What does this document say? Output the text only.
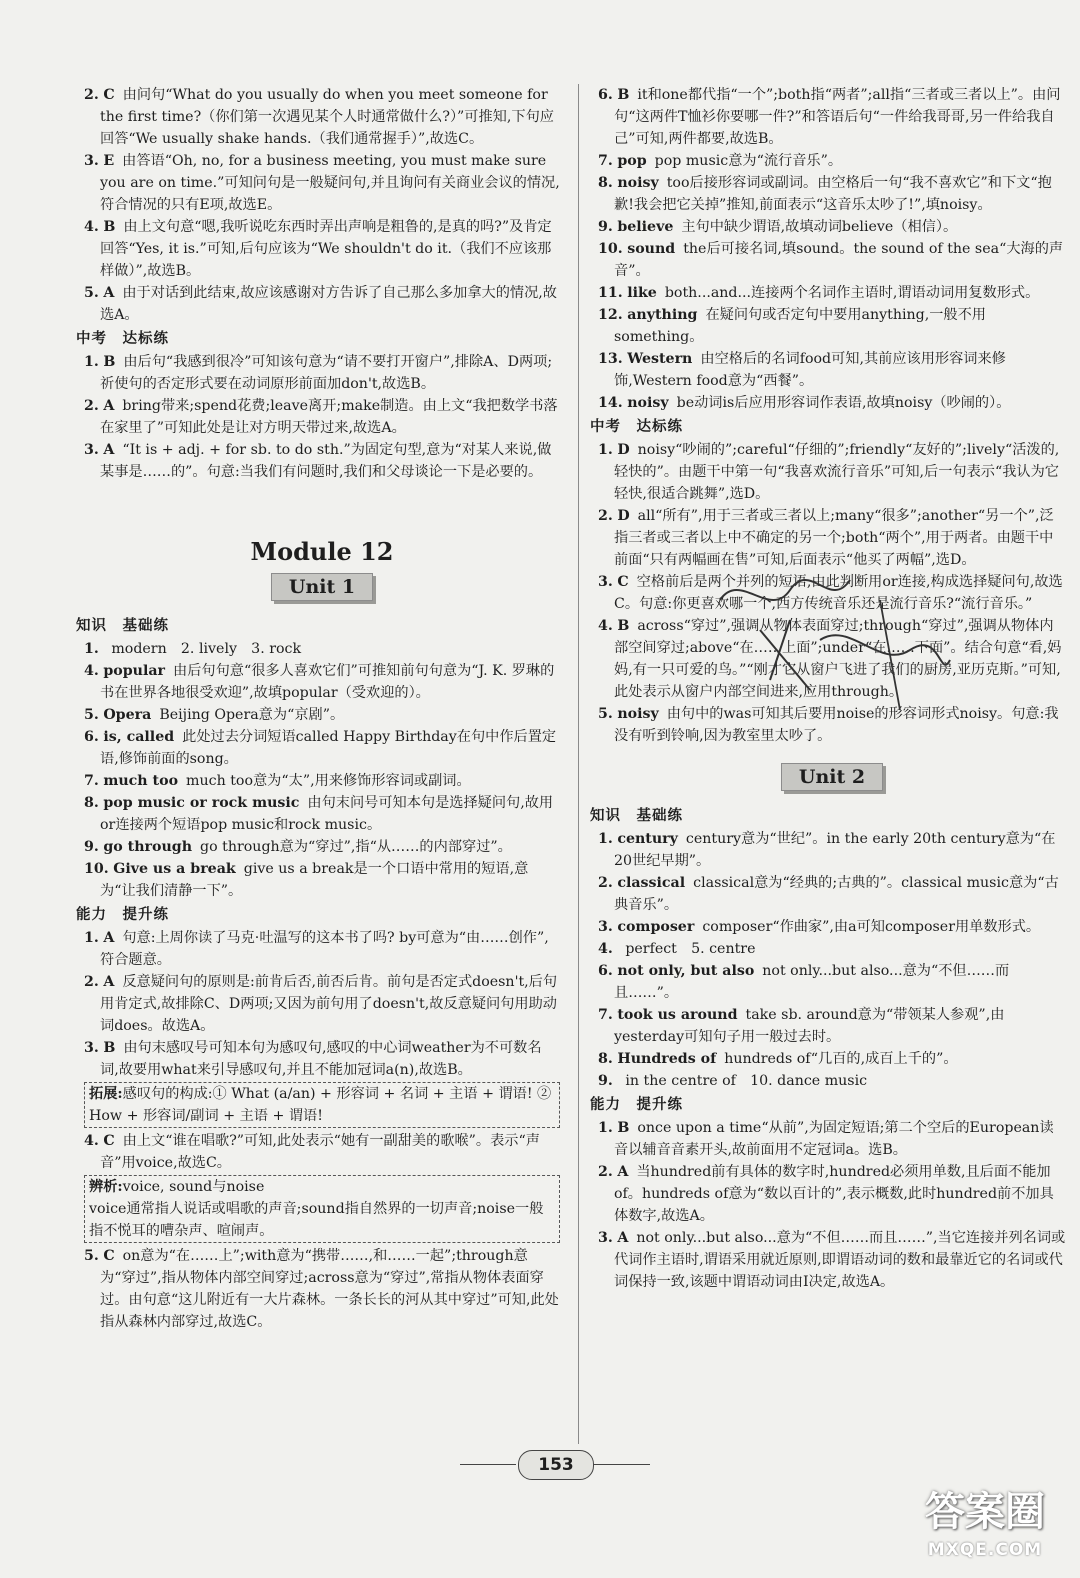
2. C 由问句“What do you usually do when you meet someone for the first time?（你们第一次遇见某个人时通常做什么?）”可推知,下句应回答“We usually shake hands.（我们通常握手）”,故选C。
3. E 由答语“Oh, no, for a business meeting, you must make sure you are on time.”可知问句是一般疑问句,并且询问有关商业会议的情况,符合情况的只有E项,故选E。
4. B 由上文句意“嗯,我听说吃东西时弄出声响是粗鲁的,是真的吗?”及肯定回答“Yes, it is.”可知,后句应该为“We shouldn't do it.（我们不应该那样做）”,故选B。
5. A 由于对话到此结束,故应该感谢对方告诉了自己那么多加拿大的情况,故选A。
中考　达标练
1. B 由后句“我感到很冷”可知该句意为“请不要打开窗户”,排除A、D两项;祈使句的否定形式要在动词原形前面加don't,故选B。
2. A bring带来;spend花费;leave离开;make制造。由上文“我把数学书落在家里了”可知此处是让对方明天带过来,故选A。
3. A “It is + adj. + for sb. to do sth.”为固定句型,意为“对某人来说,做某事是……的”。句意:当我们有问题时,我们和父母谈论一下是必要的。
Module 12
Unit 1
知识　基础练
1. modern　2. lively　3. rock
4. popular 由后句句意“很多人喜欢它们”可推知前句句意为“J. K. 罗琳的书在世界各地很受欢迎”,故填popular（受欢迎的）。
5. Opera Beijing Opera意为“京剧”。
6. is, called 此处过去分词短语called Happy Birthday在句中作后置定语,修饰前面的song。
7. much too much too意为“太”,用来修饰形容词或副词。
8. pop music or rock music 由句末问号可知本句是选择疑问句,故用or连接两个短语pop music和rock music。
9. go through go through意为“穿过”,指“从……的内部穿过”。
10. Give us a break give us a break是一个口语中常用的短语,意为“让我们清静一下”。
能力　提升练
1. A 句意:上周你读了马克·吐温写的这本书了吗? by可意为“由……创作”,符合题意。
2. A 反意疑问句的原则是:前肯后否,前否后肯。前句是否定式doesn't,后句用肯定式,故排除C、D两项;又因为前句用了doesn't,故反意疑问句用助动词does。故选A。
3. B 由句末感叹号可知本句为感叹句,感叹的中心词weather为不可数名词,故要用what来引导感叹句,并且不能加冠词a(n),故选B。
拓展:感叹句的构成:① What (a/an) + 形容词 + 名词 + 主语 + 谓语! ② How + 形容词/副词 + 主语 + 谓语!
4. C 由上文“谁在唱歌?”可知,此处表示“她有一副甜美的歌喉”。表示“声音”用voice,故选C。
辨析:voice, sound与noise
voice通常指人说话或唱歌的声音;sound指自然界的一切声音;noise一般指不悦耳的嘈杂声、喧闹声。
5. C on意为“在……上”;with意为“携带……,和……一起”;through意为“穿过”,指从物体内部空间穿过;across意为“穿过”,常指从物体表面穿过。由句意“这儿附近有一大片森林。一条长长的河从其中穿过”可知,此处指从森林内部穿过,故选C。
6. B it和one都代指“一个”;both指“两者”;all指“三者或三者以上”。由问句“这两件T恤衫你要哪一件?”和答语后句“一件给我哥哥,另一件给我自己”可知,两件都要,故选B。
7. pop pop music意为“流行音乐”。
8. noisy too后接形容词或副词。由空格后一句“我不喜欢它”和下文“抱歉!我会把它关掉”推知,前面表示“这音乐太吵了!”,填noisy。
9. believe 主句中缺少谓语,故填动词believe（相信）。
10. sound the后可接名词,填sound。the sound of the sea“大海的声音”。
11. like both...and...连接两个名词作主语时,谓语动词用复数形式。
12. anything 在疑问句或否定句中要用anything,一般不用something。
13. Western 由空格后的名词food可知,其前应该用形容词来修饰,Western food意为“西餐”。
14. noisy be动词is后应用形容词作表语,故填noisy（吵闹的）。
中考　达标练
1. D noisy“吵闹的”;careful“仔细的”;friendly“友好的”;lively“活泼的,轻快的”。由题干中第一句“我喜欢流行音乐”可知,后一句表示“我认为它轻快,很适合跳舞”,选D。
2. D all“所有”,用于三者或三者以上;many“很多”;another“另一个”,泛指三者或三者以上中不确定的另一个;both“两个”,用于两者。由题干中前面“只有两幅画在售”可知,后面表示“他买了两幅”,选D。
3. C 空格前后是两个并列的短语,由此判断用or连接,构成选择疑问句,故选C。句意:你更喜欢哪一个,西方传统音乐还是流行音乐?“流行音乐。”
4. B across“穿过”,强调从物体表面穿过;through“穿过”,强调从物体内部空间穿过;above“在……上面”;under“在……下面”。结合句意“看,妈妈,有一只可爱的鸟。”“刚才它从窗户飞进了我们的厨房,亚历克斯。”可知,此处表示从窗户内部空间进来,应用through。
5. noisy 由句中的was可知其后要用noise的形容词形式noisy。句意:我没有听到铃响,因为教室里太吵了。
Unit 2
知识　基础练
1. century century意为“世纪”。in the early 20th century意为“在20世纪早期”。
2. classical classical意为“经典的;古典的”。classical music意为“古典音乐”。
3. composer composer“作曲家”,由a可知composer用单数形式。
4. perfect　5. centre
6. not only, but also not only...but also...意为“不但……而且……”。
7. took us around take sb. around意为“带领某人参观”,由yesterday可知句子用一般过去时。
8. Hundreds of hundreds of“几百的,成百上千的”。
9. in the centre of　10. dance music
能力　提升练
1. B once upon a time“从前”,为固定短语;第二个空后的European读音以辅音音素开头,故前面用不定冠词a。选B。
2. A 当hundred前有具体的数字时,hundred必须用单数,且后面不能加of。hundreds of意为“数以百计的”,表示概数,此时hundred前不加具体数字,故选A。
3. A not only...but also...意为“不但……而且……”,当它连接并列名词或代词作主语时,谓语采用就近原则,即谓语动词的数和最靠近它的名词或代词保持一致,该题中谓语动词由I决定,故选A。
153
答案圈
MXQE.COM
